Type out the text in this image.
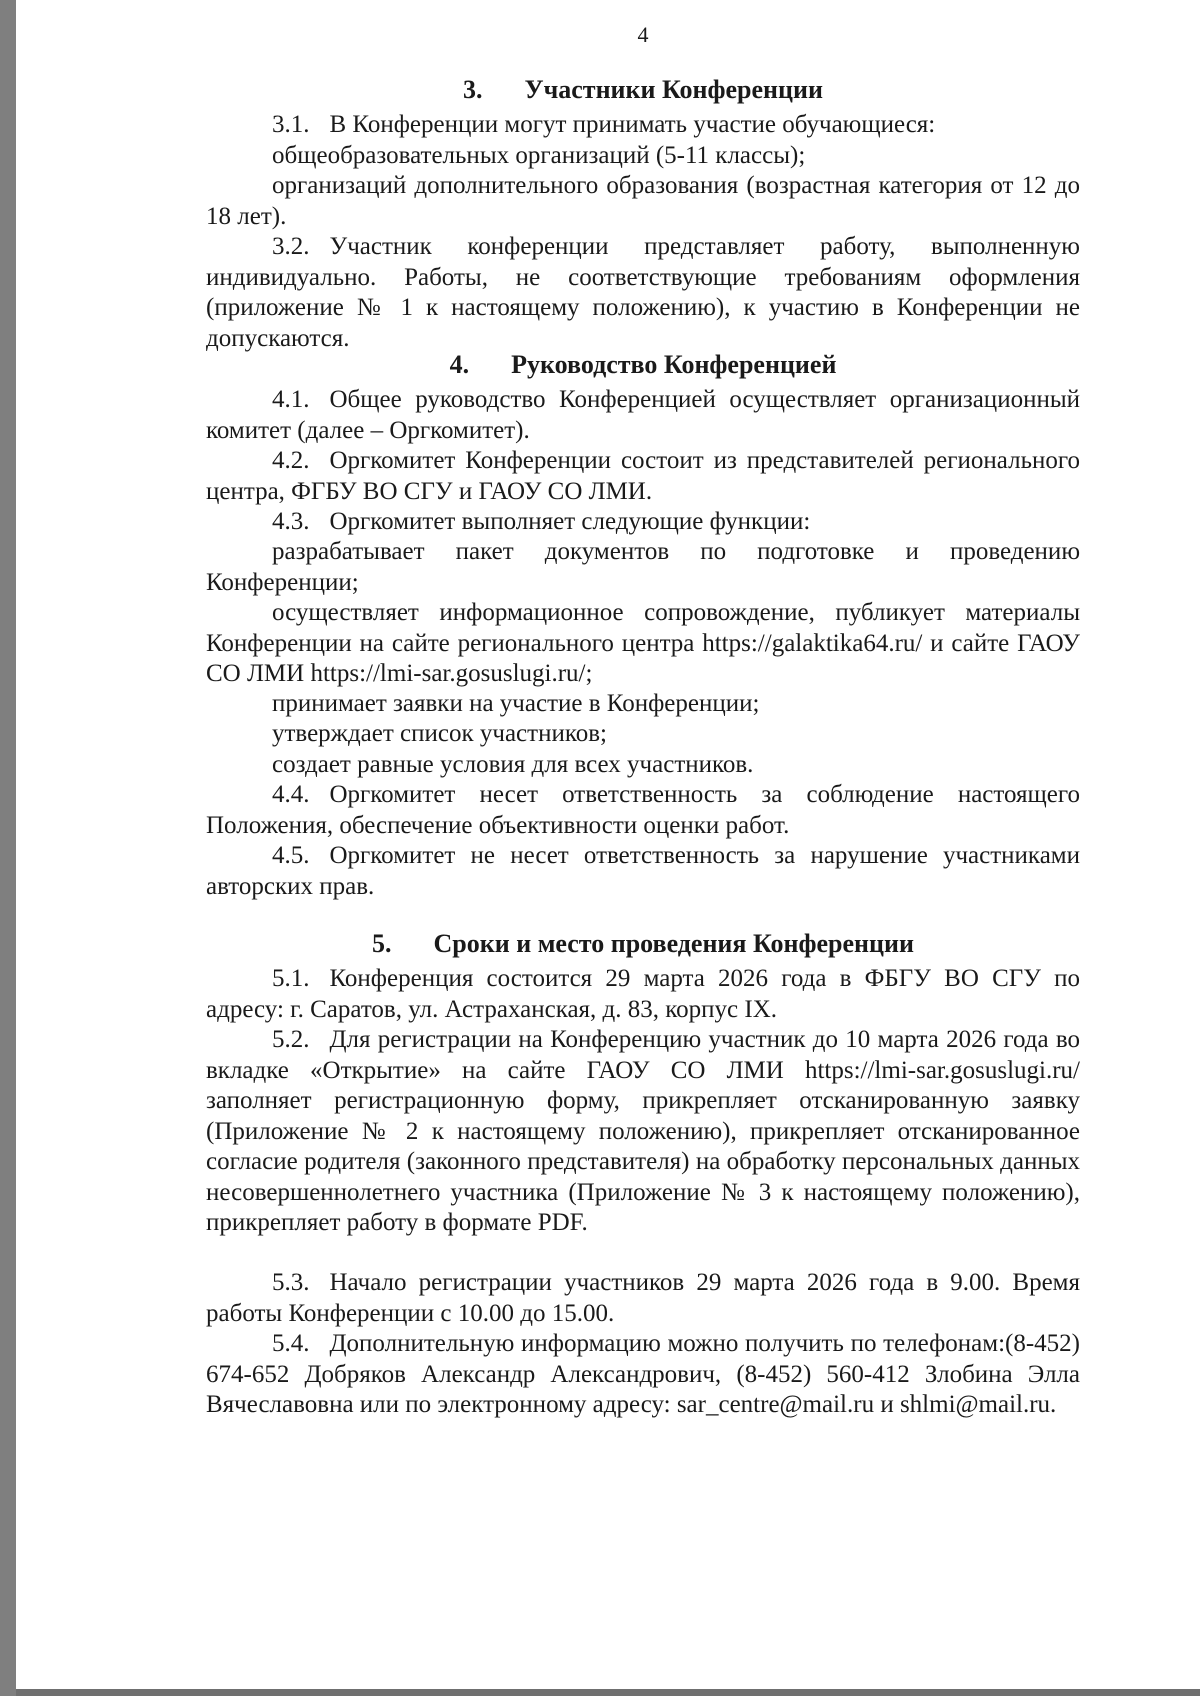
4
3. Участники Конференции

3.1. В Конференции могут принимать участие обучающиеся:

общеобразовательных организаций (5-11 классы);

организаций дополнительного образования (возрастная категория от 12 до 18 лет).

3.2. Участник конференции представляет работу, выполненную индивидуально. Работы, не соответствующие требованиям оформления (приложение № 1 к настоящему положению), к участию в Конференции не допускаются.

4. Руководство Конференцией

4.1. Общее руководство Конференцией осуществляет организационный комитет (далее – Оргкомитет).

4.2. Оргкомитет Конференции состоит из представителей регионального центра, ФГБУ ВО СГУ и ГАОУ СО ЛМИ.

4.3. Оргкомитет выполняет следующие функции:

разрабатывает пакет документов по подготовке и проведению Конференции;

осуществляет информационное сопровождение, публикует материалы Конференции на сайте регионального центра https://galaktika64.ru/ и сайте ГАОУ СО ЛМИ https://lmi-sar.gosuslugi.ru/;

принимает заявки на участие в Конференции;

утверждает список участников;

создает равные условия для всех участников.

4.4. Оргкомитет несет ответственность за соблюдение настоящего Положения, обеспечение объективности оценки работ.

4.5. Оргкомитет не несет ответственность за нарушение участниками авторских прав.

5. Сроки и место проведения Конференции

5.1. Конференция состоится 29 марта 2026 года в ФБГУ ВО СГУ по адресу: г. Саратов, ул. Астраханская, д. 83, корпус IX.

5.2. Для регистрации на Конференцию участник до 10 марта 2026 года во вкладке «Открытие» на сайте ГАОУ СО ЛМИ https://lmi-sar.gosuslugi.ru/ заполняет регистрационную форму, прикрепляет отсканированную заявку (Приложение № 2 к настоящему положению), прикрепляет отсканированное согласие родителя (законного представителя) на обработку персональных данных несовершеннолетнего участника (Приложение № 3 к настоящему положению), прикрепляет работу в формате PDF.

5.3. Начало регистрации участников 29 марта 2026 года в 9.00. Время работы Конференции с 10.00 до 15.00.

5.4. Дополнительную информацию можно получить по телефонам:(8-452) 674-652 Добряков Александр Александрович, (8-452) 560-412 Злобина Элла Вячеславовна или по электронному адресу: sar_centre@mail.ru и shlmi@mail.ru.
